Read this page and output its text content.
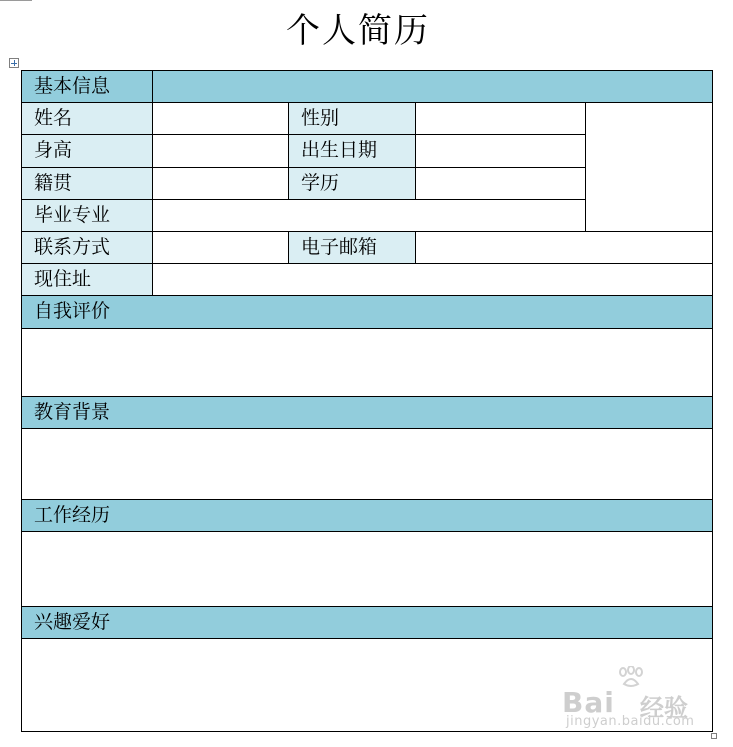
个人简历
基本信息
姓名	性别
身高	出生日期
籍贯	学历
毕业专业
联系方式	电子邮箱
现住址
自我评价
教育背景
工作经历
兴趣爱好
Bai 经验
jingyan.baidu.com
